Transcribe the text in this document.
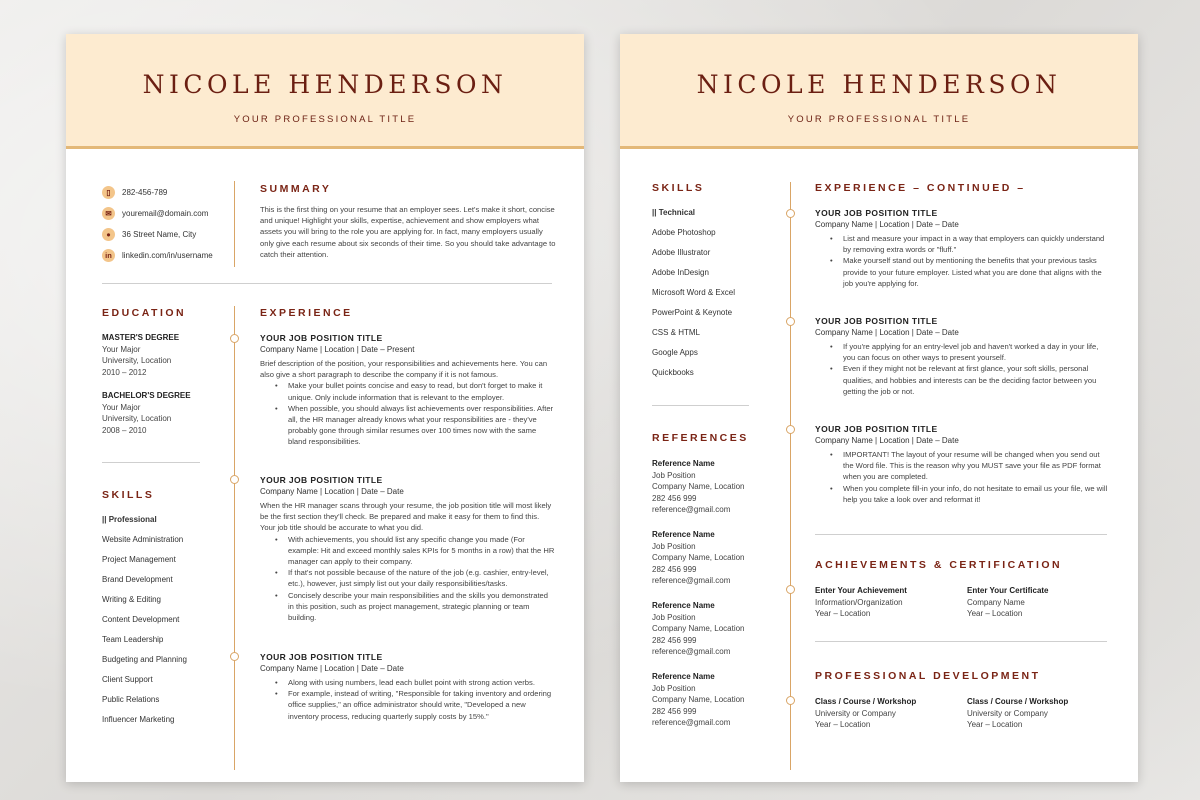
NICOLE HENDERSON
YOUR PROFESSIONAL TITLE
▯	282-456-789
✉	youremail@domain.com
●	36 Street Name, City
in	linkedin.com/in/username
SUMMARY
This is the first thing on your resume that an employer sees. Let's make it short, concise and unique! Highlight your skills, expertise, achievement and show employers what assets you will bring to the role you are applying for. In fact, many employers usually only give each resume about six seconds of their time. So you should take advantage to catch their attention.
EDUCATION
MASTER'S DEGREE
Your Major
University, Location
2010 – 2012
BACHELOR'S DEGREE
Your Major
University, Location
2008 – 2010
SKILLS
|| Professional
Website Administration
Project Management
Brand Development
Writing & Editing
Content Development
Team Leadership
Budgeting and Planning
Client Support
Public Relations
Influencer Marketing
EXPERIENCE
YOUR JOB POSITION TITLE
Company Name | Location | Date – Present
Brief description of the position, your responsibilities and achievements here. You can also give a short paragraph to describe the company if it is not famous.
• Make your bullet points concise and easy to read, but don't forget to make it unique. Only include information that is relevant to the employer.
• When possible, you should always list achievements over responsibilities. After all, the HR manager already knows what your responsibilities are - they've probably gone through similar resumes over 100 times now with the same bland responsibilities.
YOUR JOB POSITION TITLE
Company Name | Location | Date – Date
When the HR manager scans through your resume, the job position title will most likely be the first section they'll check. Be prepared and make it easy for them to find this. Your job title should be accurate to what you did.
• With achievements, you should list any specific change you made (For example: Hit and exceed monthly sales KPIs for 5 months in a row) that the HR manager can apply to their company.
• If that's not possible because of the nature of the job (e.g. cashier, entry-level, etc.), however, just simply list out your daily responsibilities/tasks.
• Concisely describe your main responsibilities and the skills you demonstrated in this position, such as project management, strategic planning or team building.
YOUR JOB POSITION TITLE
Company Name | Location | Date – Date
• Along with using numbers, lead each bullet point with strong action verbs.
• For example, instead of writing, "Responsible for taking inventory and ordering office supplies," an office administrator should write, "Developed a new inventory process, reducing quarterly supply costs by 15%."
NICOLE HENDERSON
YOUR PROFESSIONAL TITLE
SKILLS
|| Technical
Adobe Photoshop
Adobe Illustrator
Adobe InDesign
Microsoft Word & Excel
PowerPoint & Keynote
CSS & HTML
Google Apps
Quickbooks
REFERENCES
Reference Name
Job Position
Company Name, Location
282 456 999
reference@gmail.com
Reference Name
Job Position
Company Name, Location
282 456 999
reference@gmail.com
Reference Name
Job Position
Company Name, Location
282 456 999
reference@gmail.com
Reference Name
Job Position
Company Name, Location
282 456 999
reference@gmail.com
EXPERIENCE – CONTINUED –
YOUR JOB POSITION TITLE
Company Name | Location | Date – Date
• List and measure your impact in a way that employers can quickly understand by removing extra words or "fluff."
• Make yourself stand out by mentioning the benefits that your previous tasks provide to your future employer. Listed what you are done that aligns with the job you're applying for.
YOUR JOB POSITION TITLE
Company Name | Location | Date – Date
• If you're applying for an entry-level job and haven't worked a day in your life, you can focus on other ways to present yourself.
• Even if they might not be relevant at first glance, your soft skills, personal qualities, and hobbies and interests can be the deciding factor between you getting the job or not.
YOUR JOB POSITION TITLE
Company Name | Location | Date – Date
• IMPORTANT! The layout of your resume will be changed when you send out the Word file. This is the reason why you MUST save your file as PDF format when you are completed.
• When you complete fill-in your info, do not hesitate to email us your file, we will help you take a look over and reformat it!
ACHIEVEMENTS & CERTIFICATION
Enter Your Achievement
Information/Organization
Year – Location
Enter Your Certificate
Company Name
Year – Location
PROFESSIONAL DEVELOPMENT
Class / Course / Workshop
University or Company
Year – Location
Class / Course / Workshop
University or Company
Year – Location
